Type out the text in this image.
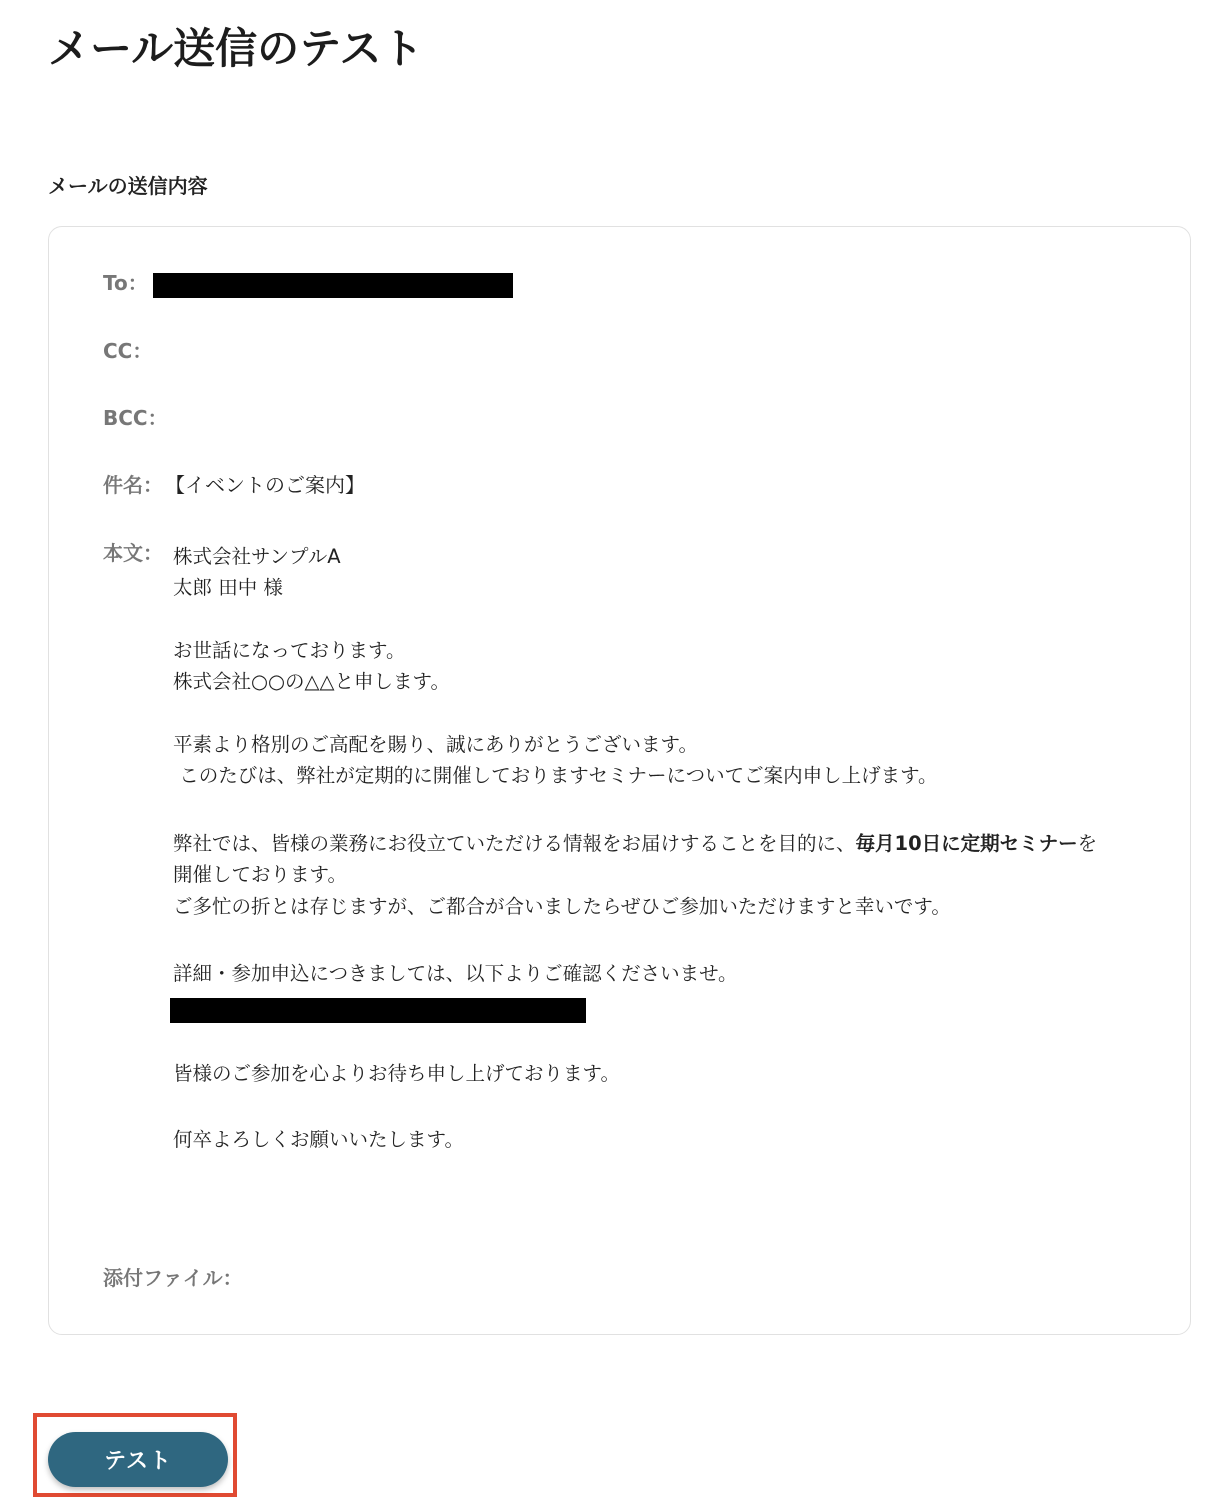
メール送信のテスト
メールの送信内容
To：
CC：
BCC：
件名： 【イベントのご案内】
本文： 株式会社サンプルA
太郎 田中 様
お世話になっております。
株式会社○○の△△と申します。
平素より格別のご高配を賜り、誠にありがとうございます。
このたびは、弊社が定期的に開催しておりますセミナーについてご案内申し上げます。
弊社では、皆様の業務にお役立ていただける情報をお届けすることを目的に、毎月10日に定期セミナーを
開催しております。
ご多忙の折とは存じますが、ご都合が合いましたらぜひご参加いただけますと幸いです。
詳細・参加申込につきましては、以下よりご確認くださいませ。
皆様のご参加を心よりお待ち申し上げております。
何卒よろしくお願いいたします。
添付ファイル：
テスト
